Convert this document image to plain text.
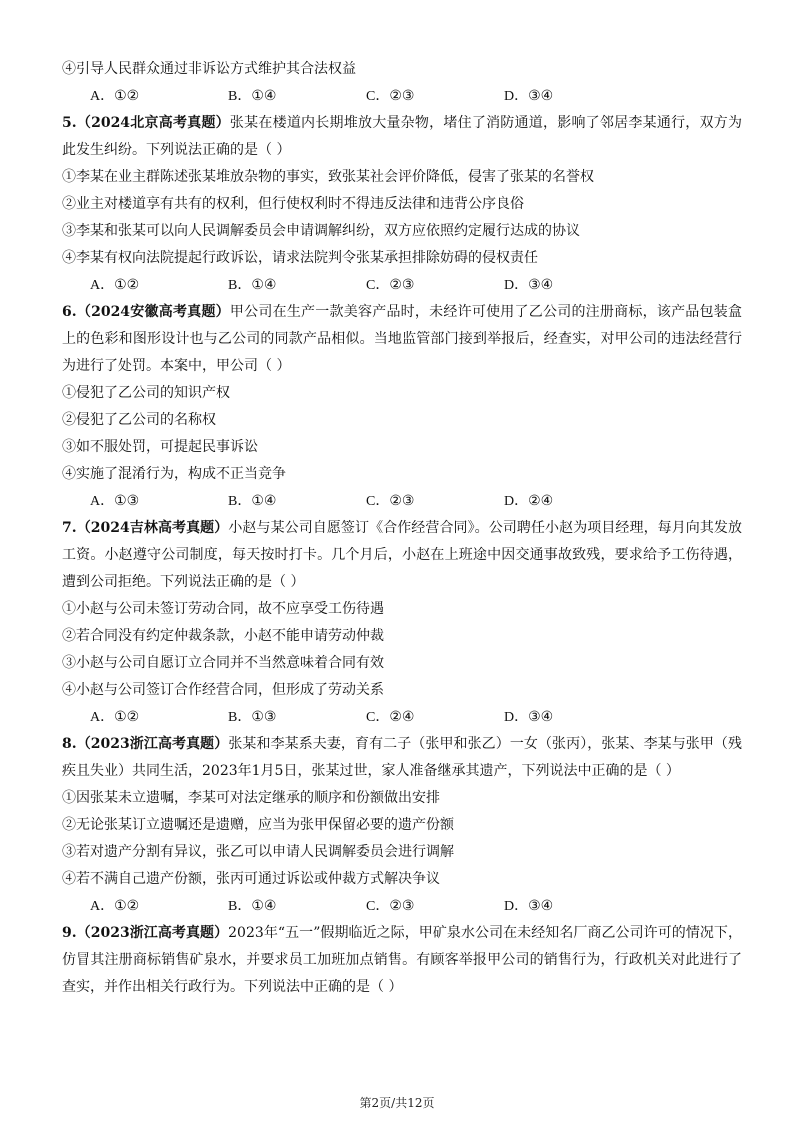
④引导人民群众通过非诉讼方式维护其合法权益
A．①②	B．①④	C．②③	D．③④
5.（2024北京高考真题）张某在楼道内长期堆放大量杂物，堵住了消防通道，影响了邻居李某通行，双方为此发生纠纷。下列说法正确的是（ ）
①李某在业主群陈述张某堆放杂物的事实，致张某社会评价降低，侵害了张某的名誉权
②业主对楼道享有共有的权利，但行使权利时不得违反法律和违背公序良俗
③李某和张某可以向人民调解委员会申请调解纠纷，双方应依照约定履行达成的协议
④李某有权向法院提起行政诉讼，请求法院判令张某承担排除妨碍的侵权责任
A．①②	B．①④	C．②③	D．③④
6.（2024安徽高考真题）甲公司在生产一款美容产品时，未经许可使用了乙公司的注册商标，该产品包装盒上的色彩和图形设计也与乙公司的同款产品相似。当地监管部门接到举报后，经查实，对甲公司的违法经营行为进行了处罚。本案中，甲公司（ ）
①侵犯了乙公司的知识产权
②侵犯了乙公司的名称权
③如不服处罚，可提起民事诉讼
④实施了混淆行为，构成不正当竞争
A．①③	B．①④	C．②③	D．②④
7.（2024吉林高考真题）小赵与某公司自愿签订《合作经营合同》。公司聘任小赵为项目经理，每月向其发放工资。小赵遵守公司制度，每天按时打卡。几个月后，小赵在上班途中因交通事故致残，要求给予工伤待遇，遭到公司拒绝。下列说法正确的是（ ）
①小赵与公司未签订劳动合同，故不应享受工伤待遇
②若合同没有约定仲裁条款，小赵不能申请劳动仲裁
③小赵与公司自愿订立合同并不当然意味着合同有效
④小赵与公司签订合作经营合同，但形成了劳动关系
A．①②	B．①③	C．②④	D．③④
8.（2023浙江高考真题）张某和李某系夫妻，育有二子（张甲和张乙）一女（张丙），张某、李某与张甲（残疾且失业）共同生活，2023年1月5日，张某过世，家人准备继承其遗产，下列说法中正确的是（ ）
①因张某未立遗嘱，李某可对法定继承的顺序和份额做出安排
②无论张某订立遗嘱还是遗赠，应当为张甲保留必要的遗产份额
③若对遗产分割有异议，张乙可以申请人民调解委员会进行调解
④若不满自己遗产份额，张丙可通过诉讼或仲裁方式解决争议
A．①②	B．①④	C．②③	D．③④
9.（2023浙江高考真题）2023年“五一”假期临近之际，甲矿泉水公司在未经知名厂商乙公司许可的情况下，仿冒其注册商标销售矿泉水，并要求员工加班加点销售。有顾客举报甲公司的销售行为，行政机关对此进行了查实，并作出相关行政行为。下列说法中正确的是（ ）
第2页/共12页
